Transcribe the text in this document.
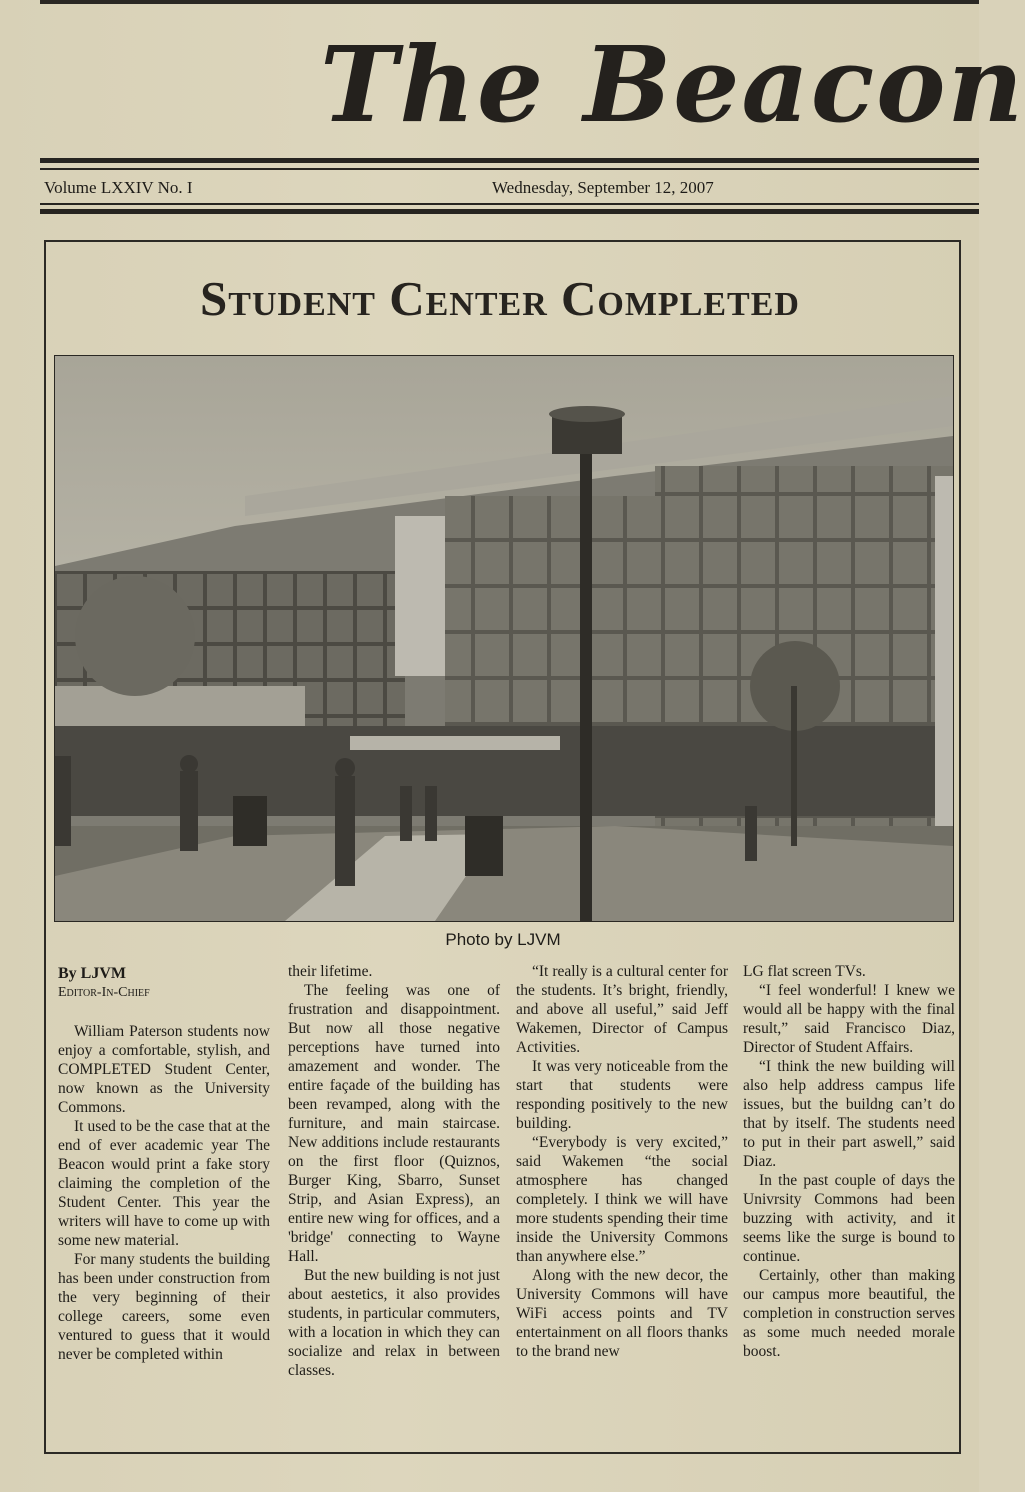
The Beacon
Volume LXXIV No. I	Wednesday, September 12, 2007
Student Center Completed
Photo by LJVM
By LJVM
Editor-In-Chief

William Paterson students now enjoy a comfortable, stylish, and COMPLETED Student Center, now known as the University Commons.

It used to be the case that at the end of ever academic year The Beacon would print a fake story claiming the completion of the Student Center. This year the writers will have to come up with some new material.

For many students the building has been under construction from the very beginning of their college careers, some even ventured to guess that it would never be completed within

their lifetime.

The feeling was one of frustration and disappointment. But now all those negative perceptions have turned into amazement and wonder. The entire façade of the building has been revamped, along with the furniture, and main staircase. New additions include restaurants on the first floor (Quiznos, Burger King, Sbarro, Sunset Strip, and Asian Express), an entire new wing for offices, and a 'bridge' connecting to Wayne Hall.

But the new building is not just about aestetics, it also provides students, in particular commuters, with a location in which they can socialize and relax in between classes.

“It really is a cultural center for the students. It’s bright, friendly, and above all useful,” said Jeff Wakemen, Director of Campus Activities.

It was very noticeable from the start that students were responding positively to the new building.

“Everybody is very excited,” said Wakemen “the social atmosphere has changed completely. I think we will have more students spending their time inside the University Commons than anywhere else.”

Along with the new decor, the University Commons will have WiFi access points and TV entertainment on all floors thanks to the brand new

LG flat screen TVs.

“I feel wonderful! I knew we would all be happy with the final result,” said Francisco Diaz, Director of Student Affairs.

“I think the new building will also help address campus life issues, but the buildng can’t do that by itself. The students need to put in their part aswell,” said Diaz.

In the past couple of days the Univrsity Commons had been buzzing with activity, and it seems like the surge is bound to continue.

Certainly, other than making our campus more beautiful, the completion in construction serves as some much needed morale boost.
